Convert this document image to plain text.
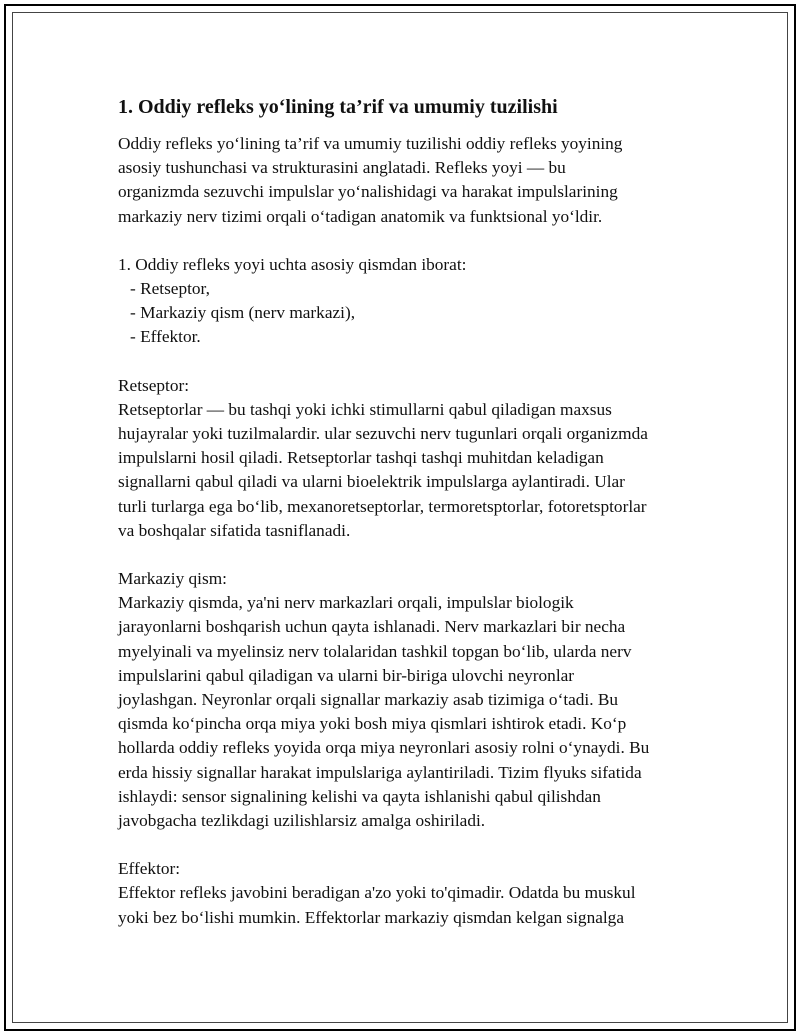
1. Oddiy refleks yo‘lining ta’rif va umumiy tuzilishi

Oddiy refleks yo‘lining ta’rif va umumiy tuzilishi oddiy refleks yoyining

asosiy tushunchasi va strukturasini anglatadi. Refleks yoyi — bu

organizmda sezuvchi impulslar yo‘nalishidagi va harakat impulslarining

markaziy nerv tizimi orqali o‘tadigan anatomik va funktsional yo‘ldir.

1. Oddiy refleks yoyi uchta asosiy qismdan iborat:

- Retseptor,

- Markaziy qism (nerv markazi),

- Effektor.

Retseptor:

Retseptorlar — bu tashqi yoki ichki stimullarni qabul qiladigan maxsus

hujayralar yoki tuzilmalardir. ular sezuvchi nerv tugunlari orqali organizmda

impulslarni hosil qiladi. Retseptorlar tashqi tashqi muhitdan keladigan

signallarni qabul qiladi va ularni bioelektrik impulslarga aylantiradi. Ular

turli turlarga ega bo‘lib, mexanoretseptorlar, termoretsptorlar, fotoretsptorlar

va boshqalar sifatida tasniflanadi.

Markaziy qism:

Markaziy qismda, ya'ni nerv markazlari orqali, impulslar biologik

jarayonlarni boshqarish uchun qayta ishlanadi. Nerv markazlari bir necha

myelyinali va myelinsiz nerv tolalaridan tashkil topgan bo‘lib, ularda nerv

impulslarini qabul qiladigan va ularni bir-biriga ulovchi neyronlar

joylashgan. Neyronlar orqali signallar markaziy asab tizimiga o‘tadi. Bu

qismda ko‘pincha orqa miya yoki bosh miya qismlari ishtirok etadi. Ko‘p

hollarda oddiy refleks yoyida orqa miya neyronlari asosiy rolni o‘ynaydi. Bu

erda hissiy signallar harakat impulslariga aylantiriladi. Tizim flyuks sifatida

ishlaydi: sensor signalining kelishi va qayta ishlanishi qabul qilishdan

javobgacha tezlikdagi uzilishlarsiz amalga oshiriladi.

Effektor:

Effektor refleks javobini beradigan a'zo yoki to'qimadir. Odatda bu muskul

yoki bez bo‘lishi mumkin. Effektorlar markaziy qismdan kelgan signalga
